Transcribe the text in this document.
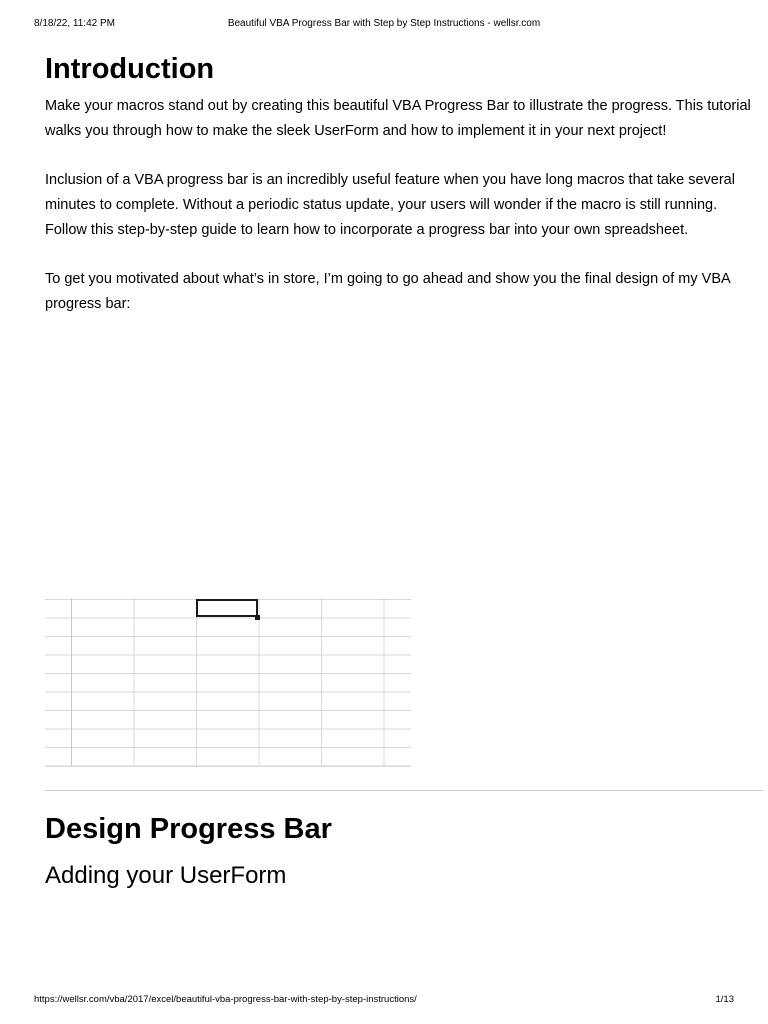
8/18/22, 11:42 PM	Beautiful VBA Progress Bar with Step by Step Instructions - wellsr.com
Introduction

Make your macros stand out by creating this beautiful VBA Progress Bar to illustrate the progress. This tutorial walks you through how to make the sleek UserForm and how to implement it in your next project!

Inclusion of a VBA progress bar is an incredibly useful feature when you have long macros that take several minutes to complete. Without a periodic status update, your users will wonder if the macro is still running. Follow this step-by-step guide to learn how to incorporate a progress bar into your own spreadsheet.

To get you motivated about what’s in store, I’m going to go ahead and show you the final design of my VBA progress bar:

Design Progress Bar
Adding your UserForm
https://wellsr.com/vba/2017/excel/beautiful-vba-progress-bar-with-step-by-step-instructions/	1/13
